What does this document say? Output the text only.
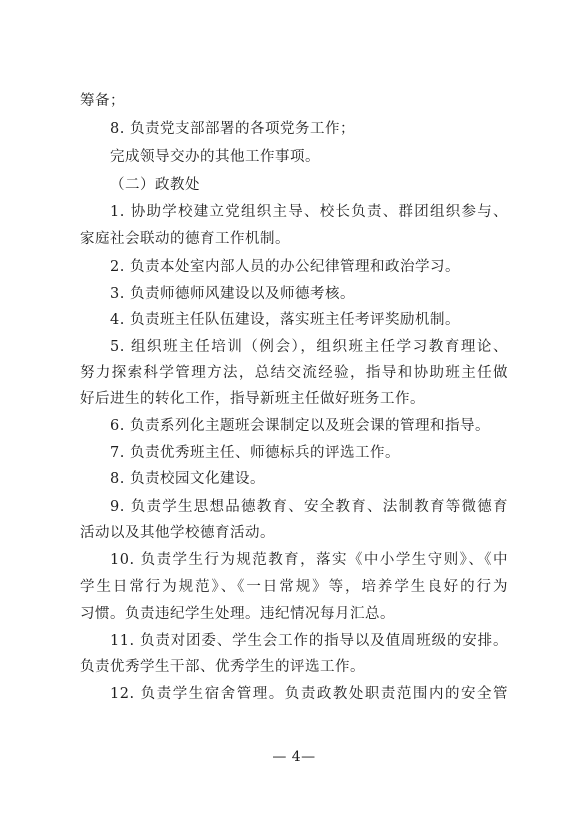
筹备；
8. 负责党支部部署的各项党务工作；
完成领导交办的其他工作事项。
（二）政教处
1. 协助学校建立党组织主导、校长负责、群团组织参与、
家庭社会联动的德育工作机制。
2. 负责本处室内部人员的办公纪律管理和政治学习。
3. 负责师德师风建设以及师德考核。
4. 负责班主任队伍建设，落实班主任考评奖励机制。
5. 组织班主任培训（例会），组织班主任学习教育理论、
努力探索科学管理方法，总结交流经验，指导和协助班主任做
好后进生的转化工作，指导新班主任做好班务工作。
6. 负责系列化主题班会课制定以及班会课的管理和指导。
7. 负责优秀班主任、师德标兵的评选工作。
8. 负责校园文化建设。
9. 负责学生思想品德教育、安全教育、法制教育等微德育
活动以及其他学校德育活动。
10. 负责学生行为规范教育，落实《中小学生守则》、《中
学生日常行为规范》、《一日常规》等，培养学生良好的行为
习惯。负责违纪学生处理。违纪情况每月汇总。
11. 负责对团委、学生会工作的指导以及值周班级的安排。
负责优秀学生干部、优秀学生的评选工作。
12. 负责学生宿舍管理。负责政教处职责范围内的安全管
— 4—
